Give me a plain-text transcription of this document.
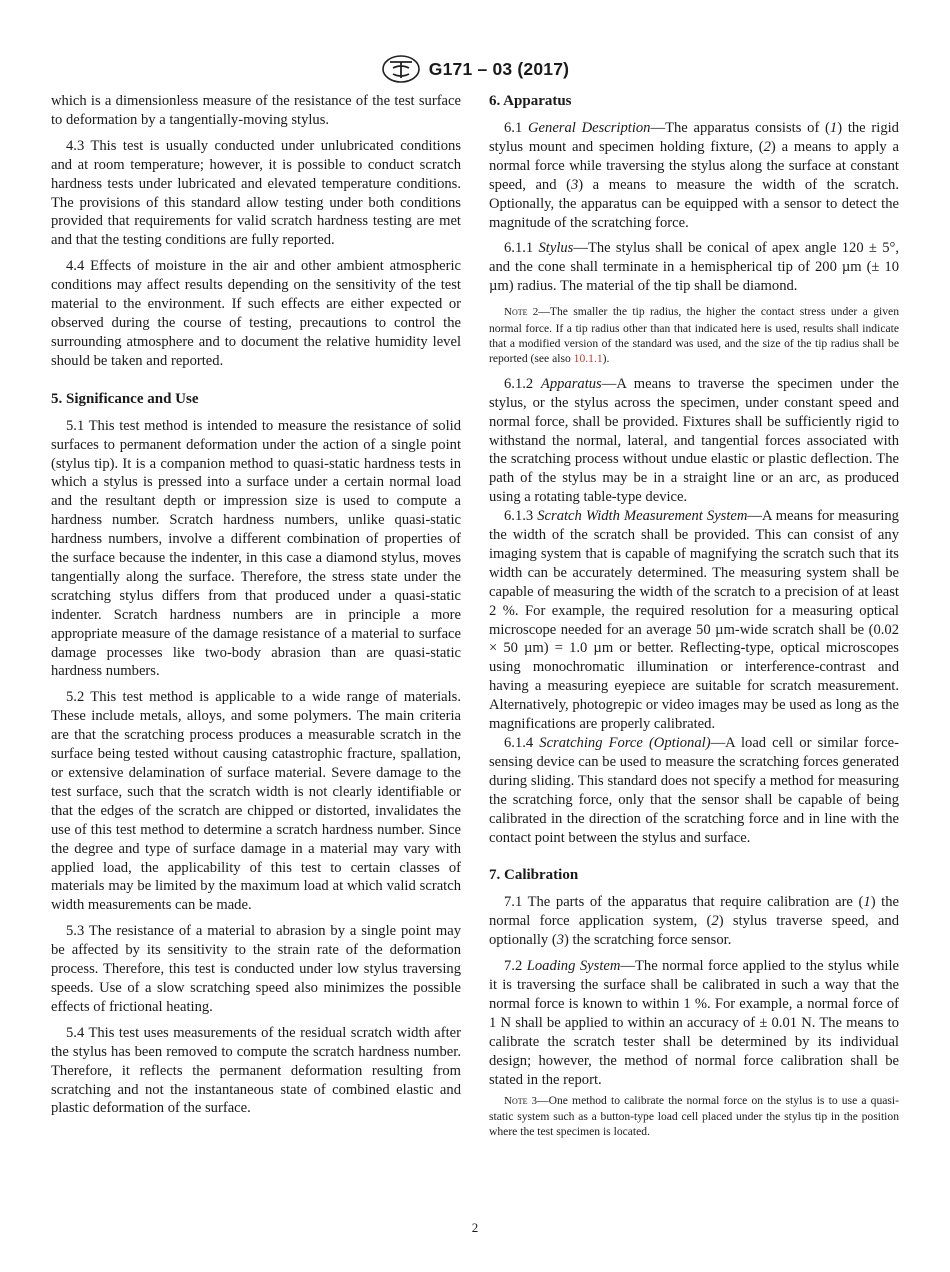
G171 – 03 (2017)

which is a dimensionless measure of the resistance of the test surface to deformation by a tangentially-moving stylus.

4.3 This test is usually conducted under unlubricated conditions and at room temperature; however, it is possible to conduct scratch hardness tests under lubricated and elevated temperature conditions. The provisions of this standard allow testing under both conditions provided that requirements for valid scratch hardness testing are met and that the testing conditions are fully reported.

4.4 Effects of moisture in the air and other ambient atmospheric conditions may affect results depending on the sensitivity of the test material to the environment. If such effects are either expected or observed during the course of testing, precautions to control the surrounding atmosphere and to document the relative humidity level should be taken and reported.

5. Significance and Use

5.1 This test method is intended to measure the resistance of solid surfaces to permanent deformation under the action of a single point (stylus tip). It is a companion method to quasi-static hardness tests in which a stylus is pressed into a surface under a certain normal load and the resultant depth or impression size is used to compute a hardness number. Scratch hardness numbers, unlike quasi-static hardness numbers, involve a different combination of properties of the surface because the indenter, in this case a diamond stylus, moves tangentially along the surface. Therefore, the stress state under the scratching stylus differs from that produced under a quasi-static indenter. Scratch hardness numbers are in principle a more appropriate measure of the damage resistance of a material to surface damage processes like two-body abrasion than are quasi-static hardness numbers.

5.2 This test method is applicable to a wide range of materials. These include metals, alloys, and some polymers. The main criteria are that the scratching process produces a measurable scratch in the surface being tested without causing catastrophic fracture, spallation, or extensive delamination of surface material. Severe damage to the test surface, such that the scratch width is not clearly identifiable or that the edges of the scratch are chipped or distorted, invalidates the use of this test method to determine a scratch hardness number. Since the degree and type of surface damage in a material may vary with applied load, the applicability of this test to certain classes of materials may be limited by the maximum load at which valid scratch width measurements can be made.

5.3 The resistance of a material to abrasion by a single point may be affected by its sensitivity to the strain rate of the deformation process. Therefore, this test is conducted under low stylus traversing speeds. Use of a slow scratching speed also minimizes the possible effects of frictional heating.

5.4 This test uses measurements of the residual scratch width after the stylus has been removed to compute the scratch hardness number. Therefore, it reflects the permanent deformation resulting from scratching and not the instantaneous state of combined elastic and plastic deformation of the surface.

6. Apparatus

6.1 General Description—The apparatus consists of (1) the rigid stylus mount and specimen holding fixture, (2) a means to apply a normal force while traversing the stylus along the surface at constant speed, and (3) a means to measure the width of the scratch. Optionally, the apparatus can be equipped with a sensor to detect the magnitude of the scratching force.

6.1.1 Stylus—The stylus shall be conical of apex angle 120 ± 5°, and the cone shall terminate in a hemispherical tip of 200 µm (± 10 µm) radius. The material of the tip shall be diamond.

Note 2—The smaller the tip radius, the higher the contact stress under a given normal force. If a tip radius other than that indicated here is used, results shall indicate that a modified version of the standard was used, and the size of the tip radius shall be reported (see also 10.1.1).

6.1.2 Apparatus—A means to traverse the specimen under the stylus, or the stylus across the specimen, under constant speed and normal force, shall be provided. Fixtures shall be sufficiently rigid to withstand the normal, lateral, and tangential forces associated with the scratching process without undue elastic or plastic deflection. The path of the stylus may be in a straight line or an arc, as produced using a rotating table-type device.

6.1.3 Scratch Width Measurement System—A means for measuring the width of the scratch shall be provided. This can consist of any imaging system that is capable of magnifying the scratch such that its width can be accurately determined. The measuring system shall be capable of measuring the width of the scratch to a precision of at least 2 %. For example, the required resolution for a measuring optical microscope needed for an average 50 µm-wide scratch shall be (0.02 × 50 µm) = 1.0 µm or better. Reflecting-type, optical microscopes using monochromatic illumination or interference-contrast and having a measuring eyepiece are suitable for scratch measurement. Alternatively, photogrepic or video images may be used as long as the magnifications are properly calibrated.

6.1.4 Scratching Force (Optional)—A load cell or similar force-sensing device can be used to measure the scratching forces generated during sliding. This standard does not specify a method for measuring the scratching force, only that the sensor shall be capable of being calibrated in the direction of the scratching force and in line with the contact point between the stylus and surface.

7. Calibration

7.1 The parts of the apparatus that require calibration are (1) the normal force application system, (2) stylus traverse speed, and optionally (3) the scratching force sensor.

7.2 Loading System—The normal force applied to the stylus while it is traversing the surface shall be calibrated in such a way that the normal force is known to within 1 %. For example, a normal force of 1 N shall be applied to within an accuracy of ± 0.01 N. The means to calibrate the scratch tester shall be determined by its individual design; however, the method of normal force calibration shall be stated in the report.

Note 3—One method to calibrate the normal force on the stylus is to use a quasi-static system such as a button-type load cell placed under the stylus tip in the position where the test specimen is located.

2
